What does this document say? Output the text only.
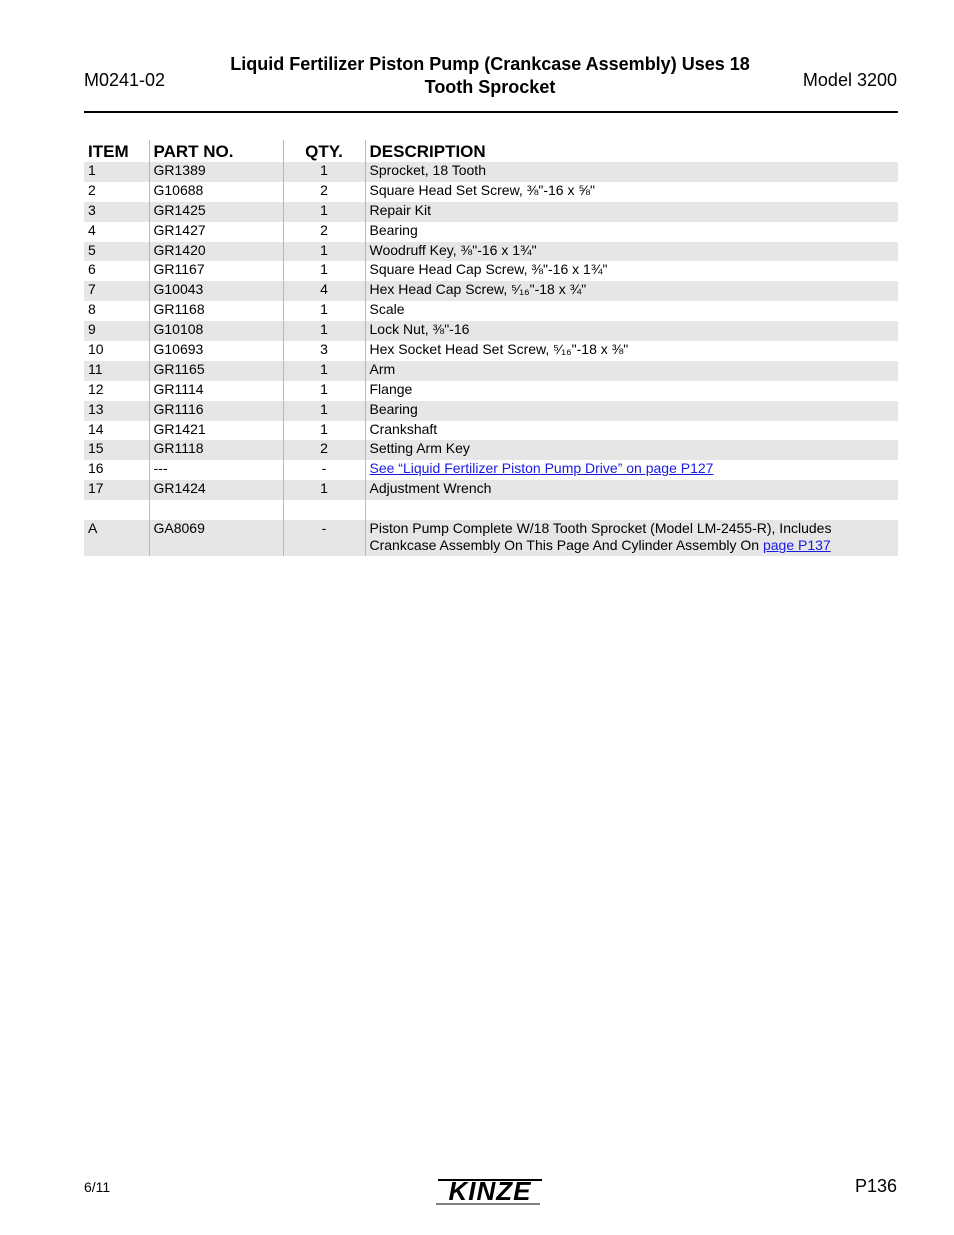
M0241-02
Liquid Fertilizer Piston Pump (Crankcase Assembly) Uses 18
Tooth Sprocket	Model 3200
ITEM	PART NO.	QTY.	DESCRIPTION
1	GR1389	1	Sprocket, 18 Tooth
2	G10688	2	Square Head Set Screw, ⅜"-16 x ⅝"
3	GR1425	1	Repair Kit
4	GR1427	2	Bearing
5	GR1420	1	Woodruff Key, ⅜"-16 x 1¾"
6	GR1167	1	Square Head Cap Screw, ⅜"-16 x 1¾"
7	G10043	4	Hex Head Cap Screw, ⁵⁄₁₆"-18 x ¾"
8	GR1168	1	Scale
9	G10108	1	Lock Nut, ⅜"-16
10	G10693	3	Hex Socket Head Set Screw, ⁵⁄₁₆"-18 x ⅜"
11	GR1165	1	Arm
12	GR1114	1	Flange
13	GR1116	1	Bearing
14	GR1421	1	Crankshaft
15	GR1118	2	Setting Arm Key
16	---	-	See “Liquid Fertilizer Piston Pump Drive” on page P127
17	GR1424	1	Adjustment Wrench

A	GA8069	-	Piston Pump Complete W/18 Tooth Sprocket (Model LM-2455-R), Includes
Crankcase Assembly On This Page And Cylinder Assembly On page P137
6/11	KINZE	P136
